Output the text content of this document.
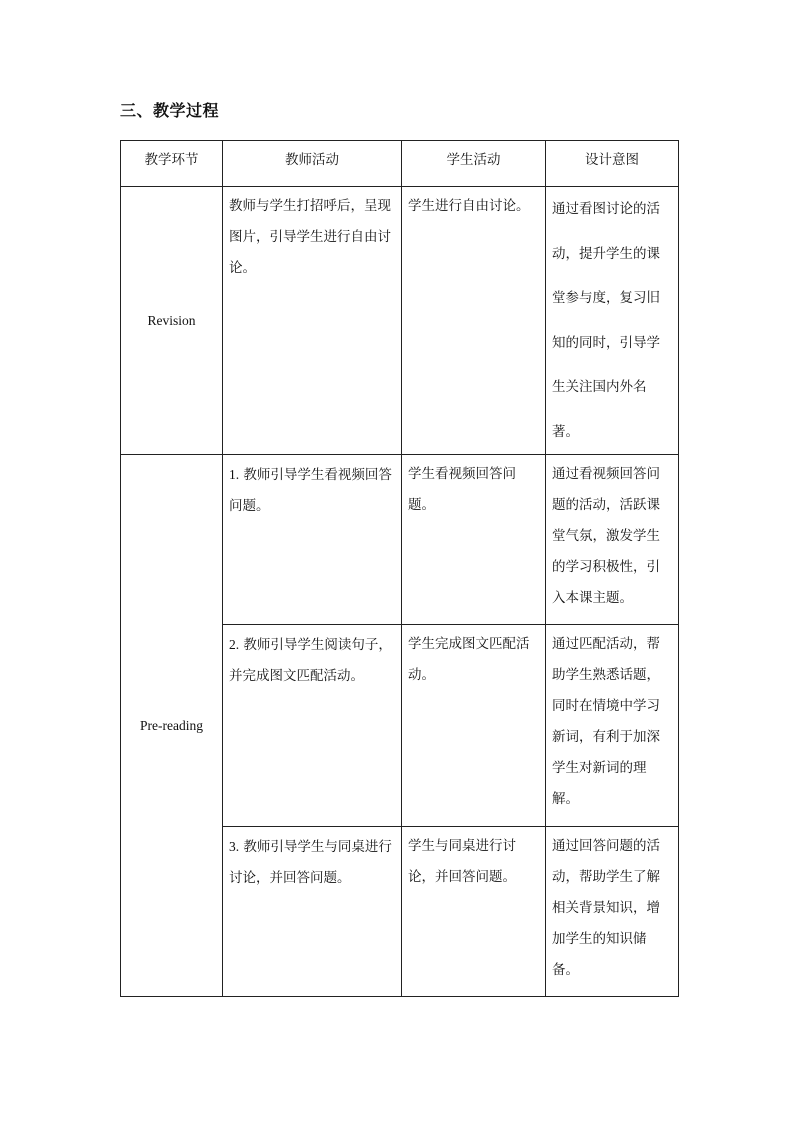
三、教学过程
教学环节	教师活动	学生活动	设计意图

Revision	教师与学生打招呼后，呈现图片，引导学生进行自由讨论。	学生进行自由讨论。	通过看图讨论的活动，提升学生的课堂参与度，复习旧知的同时，引导学生关注国内外名著。

Pre-reading	1. 教师引导学生看视频回答问题。	学生看视频回答问题。	通过看视频回答问题的活动，活跃课堂气氛，激发学生的学习积极性，引入本课主题。

	2. 教师引导学生阅读句子，并完成图文匹配活动。	学生完成图文匹配活动。	通过匹配活动，帮助学生熟悉话题，同时在情境中学习新词，有利于加深学生对新词的理解。

	3. 教师引导学生与同桌进行讨论，并回答问题。	学生与同桌进行讨论，并回答问题。	通过回答问题的活动，帮助学生了解相关背景知识，增加学生的知识储备。
